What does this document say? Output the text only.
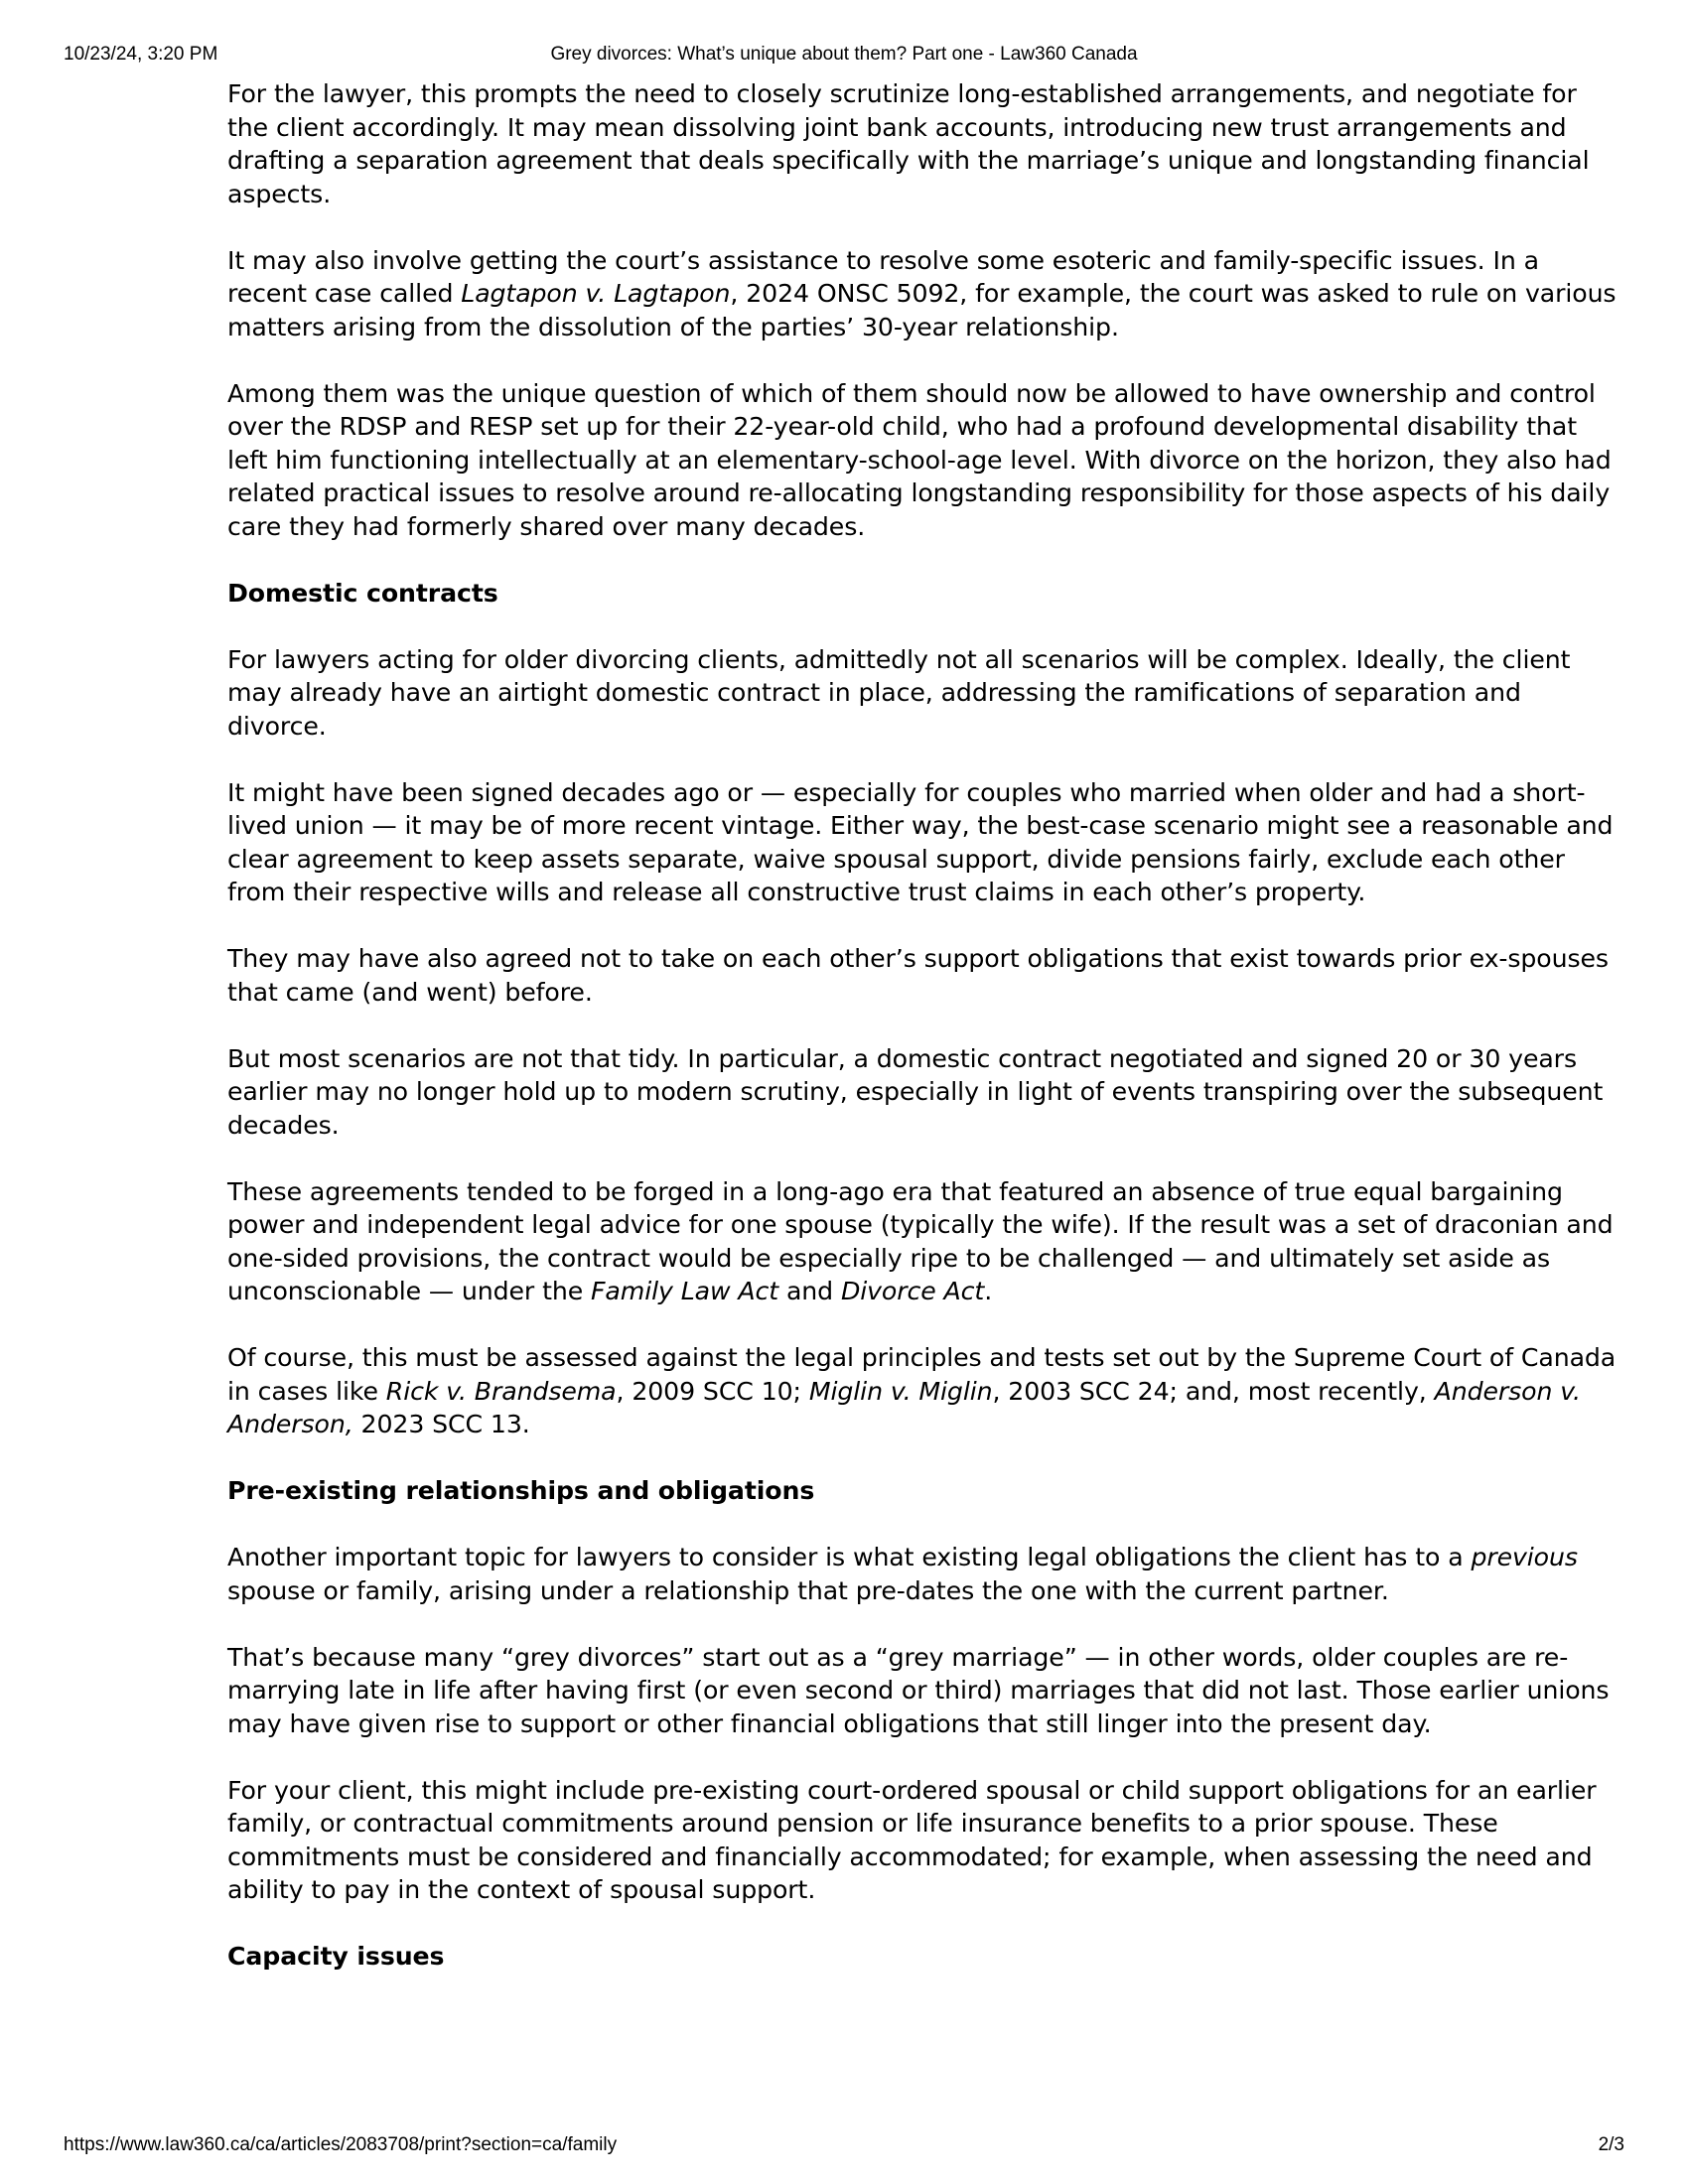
10/23/24, 3:20 PM	Grey divorces: What’s unique about them? Part one - Law360 Canada

For the lawyer, this prompts the need to closely scrutinize long-established arrangements, and negotiate for the client accordingly. It may mean dissolving joint bank accounts, introducing new trust arrangements and drafting a separation agreement that deals specifically with the marriage’s unique and longstanding financial aspects.

It may also involve getting the court’s assistance to resolve some esoteric and family-specific issues. In a recent case called Lagtapon v. Lagtapon, 2024 ONSC 5092, for example, the court was asked to rule on various matters arising from the dissolution of the parties’ 30-year relationship.

Among them was the unique question of which of them should now be allowed to have ownership and control over the RDSP and RESP set up for their 22-year-old child, who had a profound developmental disability that left him functioning intellectually at an elementary-school-age level. With divorce on the horizon, they also had related practical issues to resolve around re-allocating longstanding responsibility for those aspects of his daily care they had formerly shared over many decades.

Domestic contracts

For lawyers acting for older divorcing clients, admittedly not all scenarios will be complex. Ideally, the client may already have an airtight domestic contract in place, addressing the ramifications of separation and divorce.

It might have been signed decades ago or — especially for couples who married when older and had a short-lived union — it may be of more recent vintage. Either way, the best-case scenario might see a reasonable and clear agreement to keep assets separate, waive spousal support, divide pensions fairly, exclude each other from their respective wills and release all constructive trust claims in each other’s property.

They may have also agreed not to take on each other’s support obligations that exist towards prior ex-spouses that came (and went) before.

But most scenarios are not that tidy. In particular, a domestic contract negotiated and signed 20 or 30 years earlier may no longer hold up to modern scrutiny, especially in light of events transpiring over the subsequent decades.

These agreements tended to be forged in a long-ago era that featured an absence of true equal bargaining power and independent legal advice for one spouse (typically the wife). If the result was a set of draconian and one-sided provisions, the contract would be especially ripe to be challenged — and ultimately set aside as unconscionable — under the Family Law Act and Divorce Act.

Of course, this must be assessed against the legal principles and tests set out by the Supreme Court of Canada in cases like Rick v. Brandsema, 2009 SCC 10; Miglin v. Miglin, 2003 SCC 24; and, most recently, Anderson v. Anderson, 2023 SCC 13.

Pre-existing relationships and obligations

Another important topic for lawyers to consider is what existing legal obligations the client has to a previous spouse or family, arising under a relationship that pre-dates the one with the current partner.

That’s because many “grey divorces” start out as a “grey marriage” — in other words, older couples are re-marrying late in life after having first (or even second or third) marriages that did not last. Those earlier unions may have given rise to support or other financial obligations that still linger into the present day.

For your client, this might include pre-existing court-ordered spousal or child support obligations for an earlier family, or contractual commitments around pension or life insurance benefits to a prior spouse. These commitments must be considered and financially accommodated; for example, when assessing the need and ability to pay in the context of spousal support.

Capacity issues
https://www.law360.ca/ca/articles/2083708/print?section=ca/family	2/3
